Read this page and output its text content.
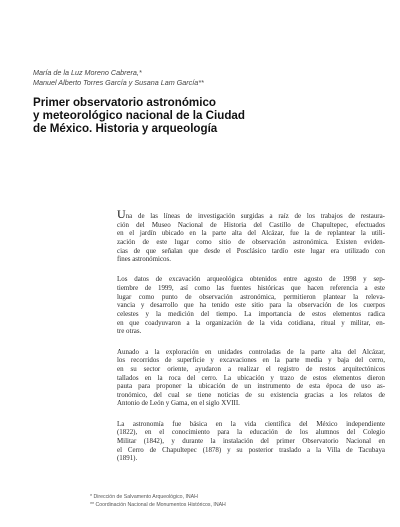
María de la Luz Moreno Cabrera,*
Manuel Alberto Torres García y Susana Lam García**
Primer observatorio astronómico
y meteorológico nacional de la Ciudad
de México. Historia y arqueología

Una de las líneas de investigación surgidas a raíz de los trabajos de restaura-
ción del Museo Nacional de Historia del Castillo de Chapultepec, efectuados
en el jardín ubicado en la parte alta del Alcázar, fue la de replantear la utili-
zación de este lugar como sitio de observación astronómica. Existen eviden-
cias de que señalan que desde el Posclásico tardío este lugar era utilizado con
fines astronómicos.

Los datos de excavación arqueológica obtenidos entre agosto de 1998 y sep-
tiembre de 1999, así como las fuentes históricas que hacen referencia a este
lugar como punto de observación astronómica, permitieron plantear la releva-
vancia y desarrollo que ha tenido este sitio para la observación de los cuerpos
celestes y la medición del tiempo. La importancia de estos elementos radica
en que coadyuvaron a la organización de la vida cotidiana, ritual y militar, en-
tre otras.

Aunado a la exploración en unidades controladas de la parte alta del Alcázar,
los recorridos de superficie y excavaciones en la parte media y baja del cerro,
en su sector oriente, ayudaron a realizar el registro de restos arquitectónicos
tallados en la roca del cerro. La ubicación y trazo de estos elementos dieron
pauta para proponer la ubicación de un instrumento de esta época de uso as-
tronómico, del cual se tiene noticias de su existencia gracias a los relatos de
Antonio de León y Gama, en el siglo XVIII.

La astronomía fue básica en la vida científica del México independiente
(1822), en el conocimiento para la educación de los alumnos del Colegio
Militar (1842), y durante la instalación del primer Observatorio Nacional en
el Cerro de Chapultepec (1878) y su posterior traslado a la Villa de Tacubaya
(1891).

* Dirección de Salvamento Arqueológico, INAH
** Coordinación Nacional de Monumentos Históricos, INAH
